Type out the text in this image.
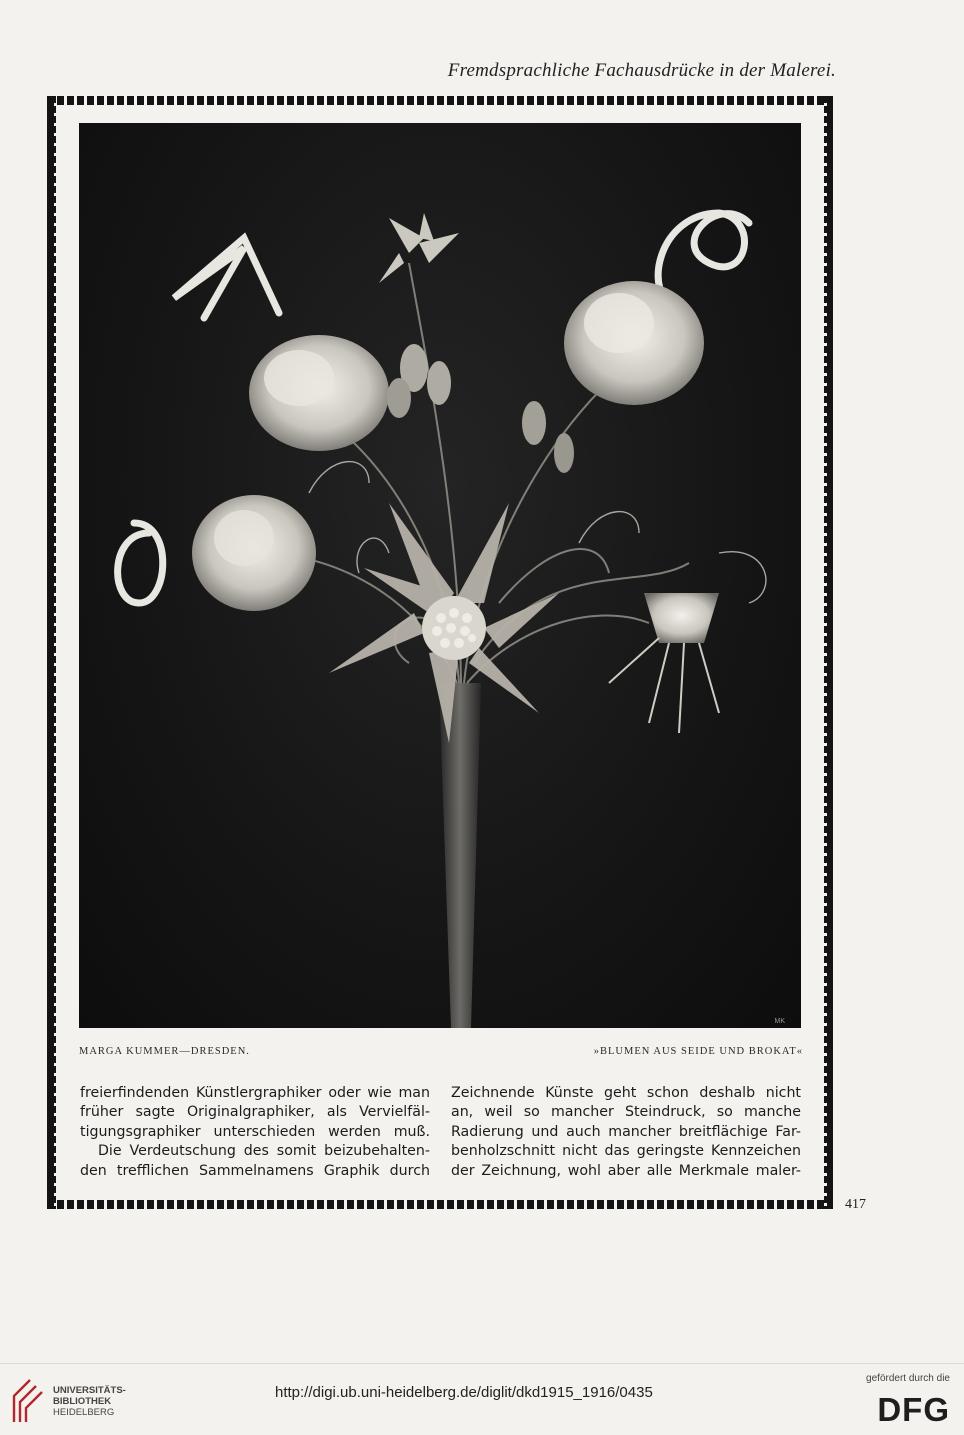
Fremdsprachliche Fachausdrücke in der Malerei.
MK
MARGA KUMMER—DRESDEN.	»BLUMEN AUS SEIDE UND BROKAT«
freierfindenden Künstlergraphiker oder wie man
früher sagte Originalgraphiker, als Vervielfäl-
tigungsgraphiker unterschieden werden muß.
Die Verdeutschung des somit beizubehalten-
den trefflichen Sammelnamens Graphik durch
Zeichnende Künste geht schon deshalb nicht
an, weil so mancher Steindruck, so manche
Radierung und auch mancher breitflächige Far-
benholzschnitt nicht das geringste Kennzeichen
der Zeichnung, wohl aber alle Merkmale maler-
417
UNIVERSITÄTS-
BIBLIOTHEK
HEIDELBERG
http://digi.ub.uni-heidelberg.de/diglit/dkd1915_1916/0435
gefördert durch die
DFG
